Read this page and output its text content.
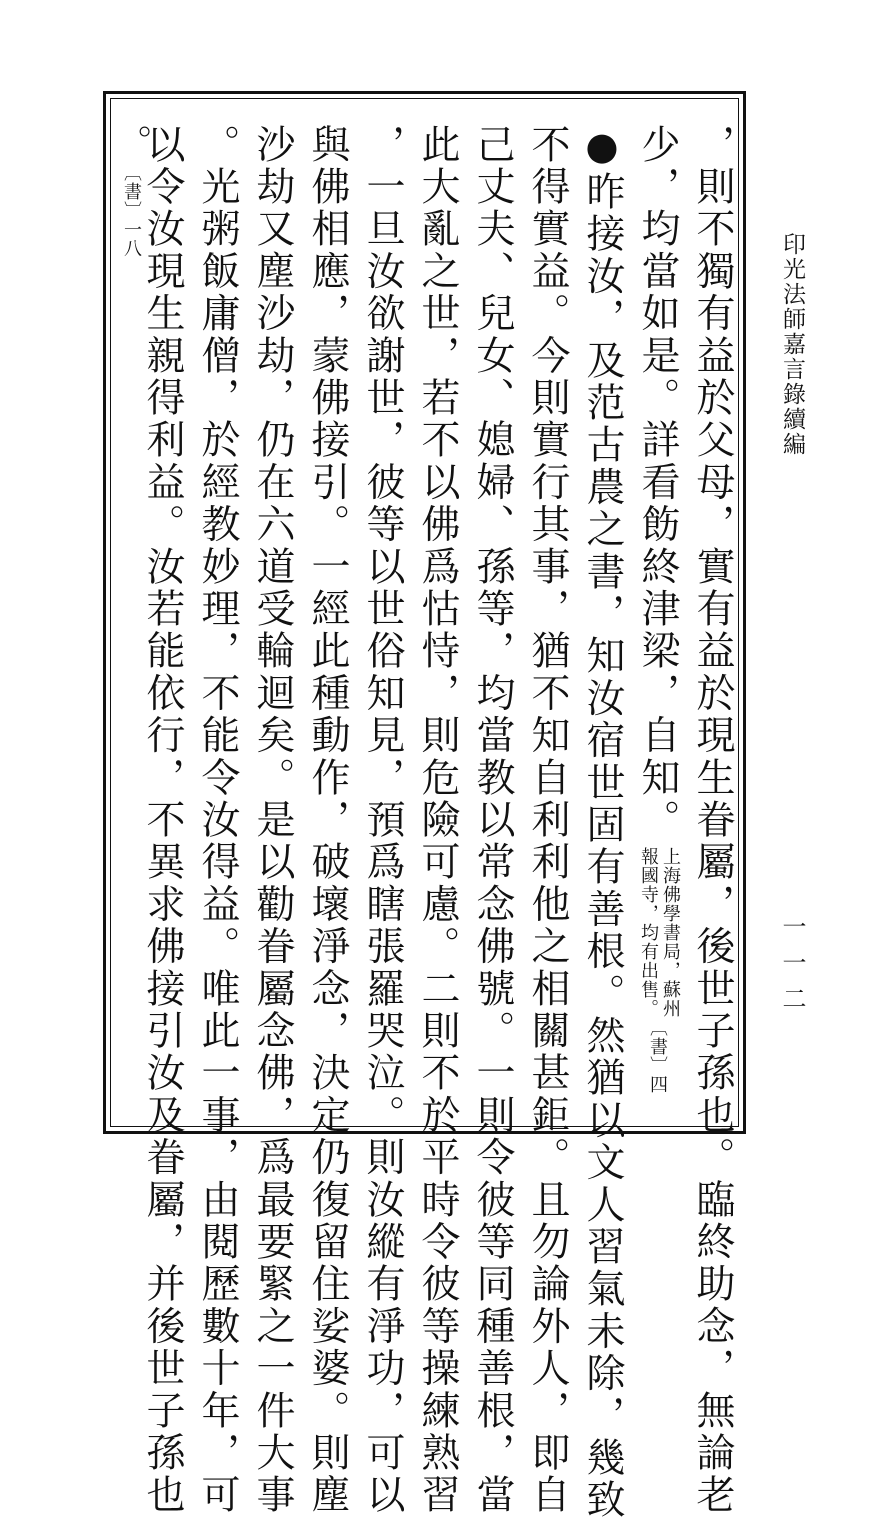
印光法師嘉言錄續編
一一二
，則不獨有益於父母，實有益於現生眷屬，後世子孫也。臨終助念，無論老
少，均當如是。詳看飭終津梁，自知。
上海佛學書局，蘇州
報國寺，均有出售。
〔書〕四
●昨接汝，及范古農之書，知汝宿世固有善根。然猶以文人習氣未除，幾致
不得實益。今則實行其事，猶不知自利利他之相關甚鉅。且勿論外人，即自
己丈夫、兒女、媳婦、孫等，均當教以常念佛號。一則令彼等同種善根，當
此大亂之世，若不以佛爲怙恃，則危險可慮。二則不於平時令彼等操練熟習
，一旦汝欲謝世，彼等以世俗知見，預爲瞎張羅哭泣。則汝縱有淨功，可以
與佛相應，蒙佛接引。一經此種動作，破壞淨念，決定仍復留住娑婆。則塵
沙劫又塵沙劫，仍在六道受輪迴矣。是以勸眷屬念佛，爲最要緊之一件大事
。光粥飯庸僧，於經教妙理，不能令汝得益。唯此一事，由閱歷數十年，可
以令汝現生親得利益。汝若能依行，不異求佛接引汝及眷屬，并後世子孫也
。〔書〕一八
